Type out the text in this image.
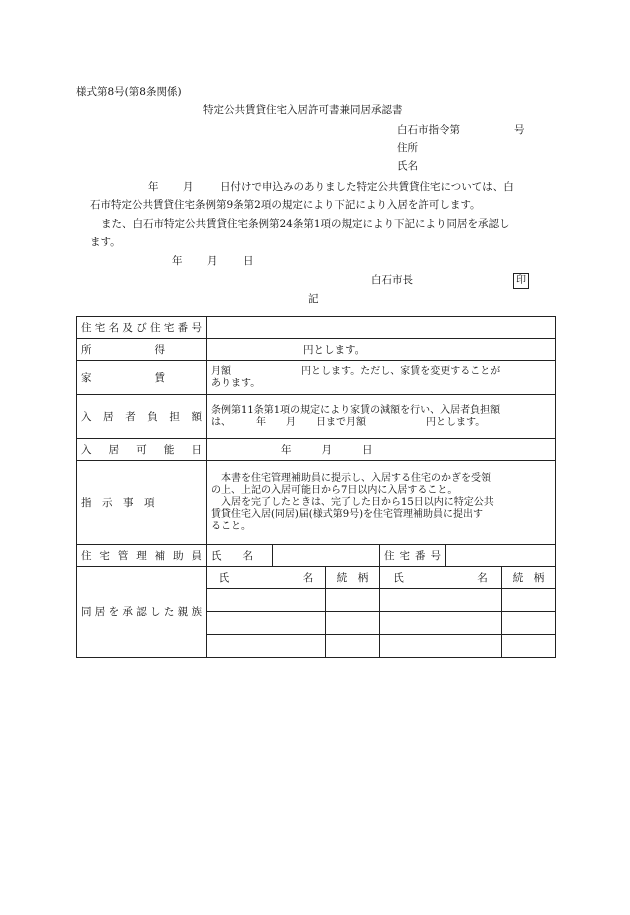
様式第8号(第8条関係)
特定公共賃貸住宅入居許可書兼同居承認書
白石市指令第	号
住所
氏名
年 月	日付けで申込みのありました特定公共賃貸住宅については、白
石市特定公共賃貸住宅条例第9条第2項の規定により下記により入居を許可します。
また、白石市特定公共賃貸住宅条例第24条第1項の規定により下記により同居を承認し
ます。
年 月 日
白石市長	印
記
住宅名及び住宅番号						
所　　　　　　得	円とします。					
家　　　　　　賃	月額　　　　　　　円とします。ただし、家賃を変更することが
あります。					

入居者負担額	条例第11条第1項の規定により家賃の減額を行い、入居者負担額
は、　　　年　　月　　日まで月額　　　　　　円とします。					

入居可能日	年 月 日					
指　示　事　項	本書を住宅管理補助員に提示し、入居する住宅のかぎを受領
の上、上記の入居可能日から7日以内に入居すること。
入居を完了したときは、完了した日から15日以内に特定公共
賃貸住宅入居(同居)届(様式第9号)を住宅管理補助員に提出す
ること。					

住宅管理補助員	氏　　名			住宅番号		
同居を承認した親族	氏　　　　　　　名		続　柄	氏　　　　　　　名		続　柄
